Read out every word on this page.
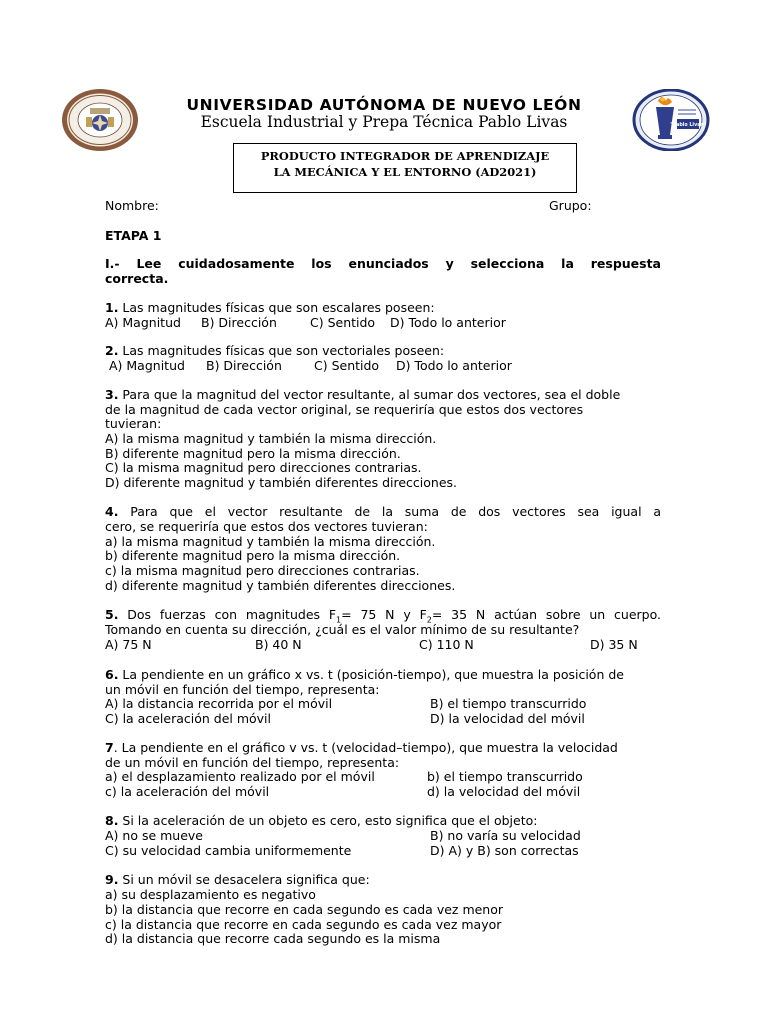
"Pablo Livas"
UNIVERSIDAD AUTÓNOMA DE NUEVO LEÓN
Escuela Industrial y Prepa Técnica Pablo Livas
PRODUCTO INTEGRADOR DE APRENDIZAJE
LA MECÁNICA Y EL ENTORNO (AD2021)
Nombre:	Grupo:
ETAPA 1
I.- Lee cuidadosamente los enunciados y selecciona la respuesta
correcta.
1. Las magnitudes físicas que son escalares poseen:
A) Magnitud B) Dirección	C) Sentido D) Todo lo anterior
2. Las magnitudes físicas que son vectoriales poseen:
A) Magnitud B) Dirección	C) Sentido D) Todo lo anterior
3. Para que la magnitud del vector resultante, al sumar dos vectores, sea el doble
de la magnitud de cada vector original, se requeriría que estos dos vectores
tuvieran:
A) la misma magnitud y también la misma dirección.
B) diferente magnitud pero la misma dirección.
C) la misma magnitud pero direcciones contrarias.
D) diferente magnitud y también diferentes direcciones.
4. Para que el vector resultante de la suma de dos vectores sea igual a
cero, se requeriría que estos dos vectores tuvieran:
a) la misma magnitud y también la misma dirección.
b) diferente magnitud pero la misma dirección.
c) la misma magnitud pero direcciones contrarias.
d) diferente magnitud y también diferentes direcciones.
5. Dos fuerzas con magnitudes $F_1= 75$ N y $F_2= 35$ N actúan sobre un cuerpo.
Tomando en cuenta su dirección, ¿cuál es el valor mínimo de su resultante?
A) 75 N	B) 40 N	C) 110 N	D) 35 N
6. La pendiente en un gráfico x vs. t (posición-tiempo), que muestra la posición de
un móvil en función del tiempo, representa:
A) la distancia recorrida por el móvil	B) el tiempo transcurrido
C) la aceleración del móvil	D) la velocidad del móvil
7. La pendiente en el gráfico v vs. t (velocidad–tiempo), que muestra la velocidad
de un móvil en función del tiempo, representa:
a) el desplazamiento realizado por el móvil	b) el tiempo transcurrido
c) la aceleración del móvil	d) la velocidad del móvil
8. Si la aceleración de un objeto es cero, esto significa que el objeto:
A) no se mueve	B) no varía su velocidad
C) su velocidad cambia uniformemente	D) A) y B) son correctas
9. Si un móvil se desacelera significa que:
a) su desplazamiento es negativo
b) la distancia que recorre en cada segundo es cada vez menor
c) la distancia que recorre en cada segundo es cada vez mayor
d) la distancia que recorre cada segundo es la misma
